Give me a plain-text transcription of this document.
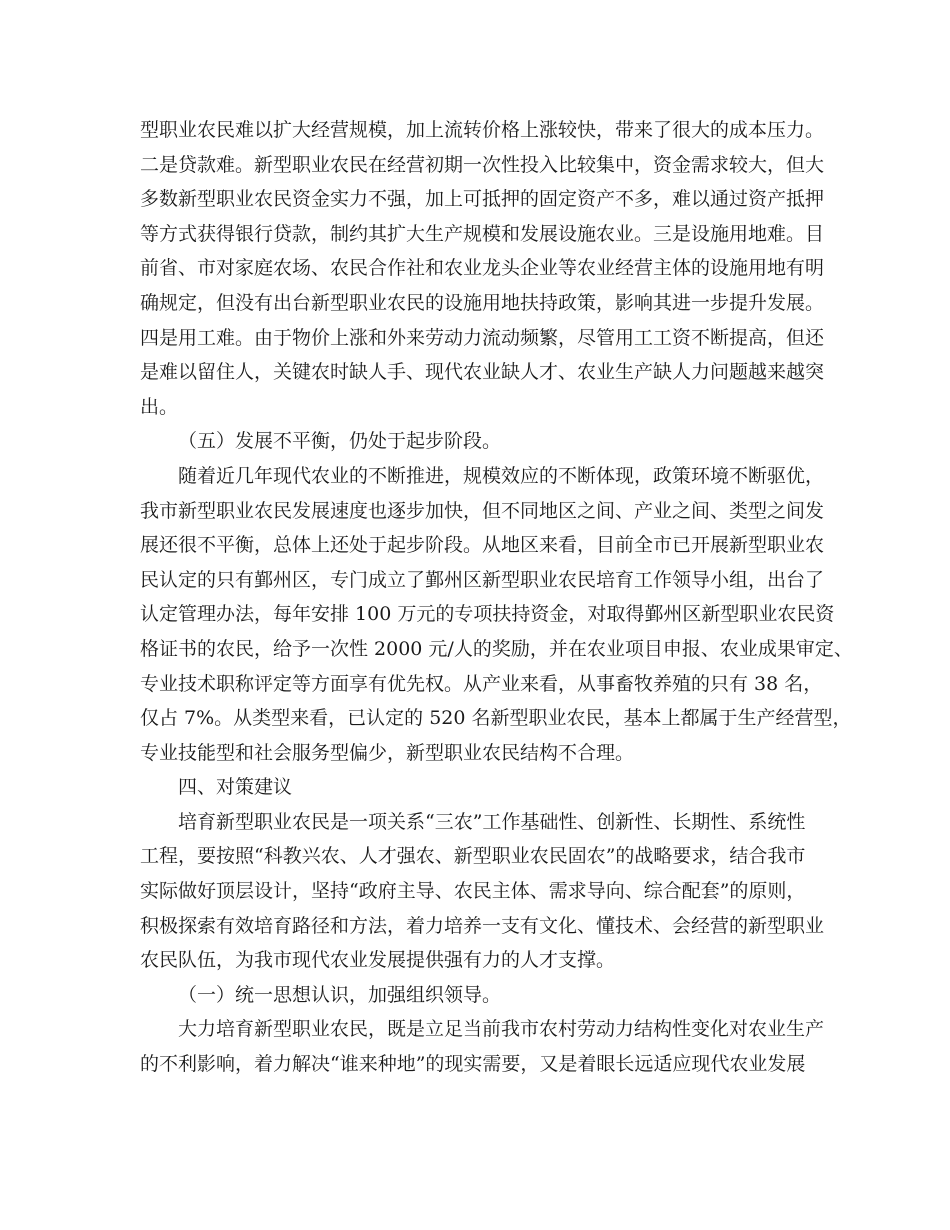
型职业农民难以扩大经营规模，加上流转价格上涨较快，带来了很大的成本压力。
二是贷款难。新型职业农民在经营初期一次性投入比较集中，资金需求较大，但大
多数新型职业农民资金实力不强，加上可抵押的固定资产不多，难以通过资产抵押
等方式获得银行贷款，制约其扩大生产规模和发展设施农业。三是设施用地难。目
前省、市对家庭农场、农民合作社和农业龙头企业等农业经营主体的设施用地有明
确规定，但没有出台新型职业农民的设施用地扶持政策，影响其进一步提升发展。
四是用工难。由于物价上涨和外来劳动力流动频繁，尽管用工工资不断提高，但还
是难以留住人，关键农时缺人手、现代农业缺人才、农业生产缺人力问题越来越突
出。
（五）发展不平衡，仍处于起步阶段。
随着近几年现代农业的不断推进，规模效应的不断体现，政策环境不断驱优，
我市新型职业农民发展速度也逐步加快，但不同地区之间、产业之间、类型之间发
展还很不平衡，总体上还处于起步阶段。从地区来看，目前全市已开展新型职业农
民认定的只有鄞州区，专门成立了鄞州区新型职业农民培育工作领导小组，出台了
认定管理办法，每年安排 100 万元的专项扶持资金，对取得鄞州区新型职业农民资
格证书的农民，给予一次性 2000 元/人的奖励，并在农业项目申报、农业成果审定、
专业技术职称评定等方面享有优先权。从产业来看，从事畜牧养殖的只有 38 名，
仅占 7%。从类型来看，已认定的 520 名新型职业农民，基本上都属于生产经营型，
专业技能型和社会服务型偏少，新型职业农民结构不合理。
四、对策建议
培育新型职业农民是一项关系“三农”工作基础性、创新性、长期性、系统性
工程，要按照“科教兴农、人才强农、新型职业农民固农”的战略要求，结合我市
实际做好顶层设计，坚持“政府主导、农民主体、需求导向、综合配套”的原则，
积极探索有效培育路径和方法，着力培养一支有文化、懂技术、会经营的新型职业
农民队伍，为我市现代农业发展提供强有力的人才支撑。
（一）统一思想认识，加强组织领导。
大力培育新型职业农民，既是立足当前我市农村劳动力结构性变化对农业生产
的不利影响，着力解决“谁来种地”的现实需要，又是着眼长远适应现代农业发展
